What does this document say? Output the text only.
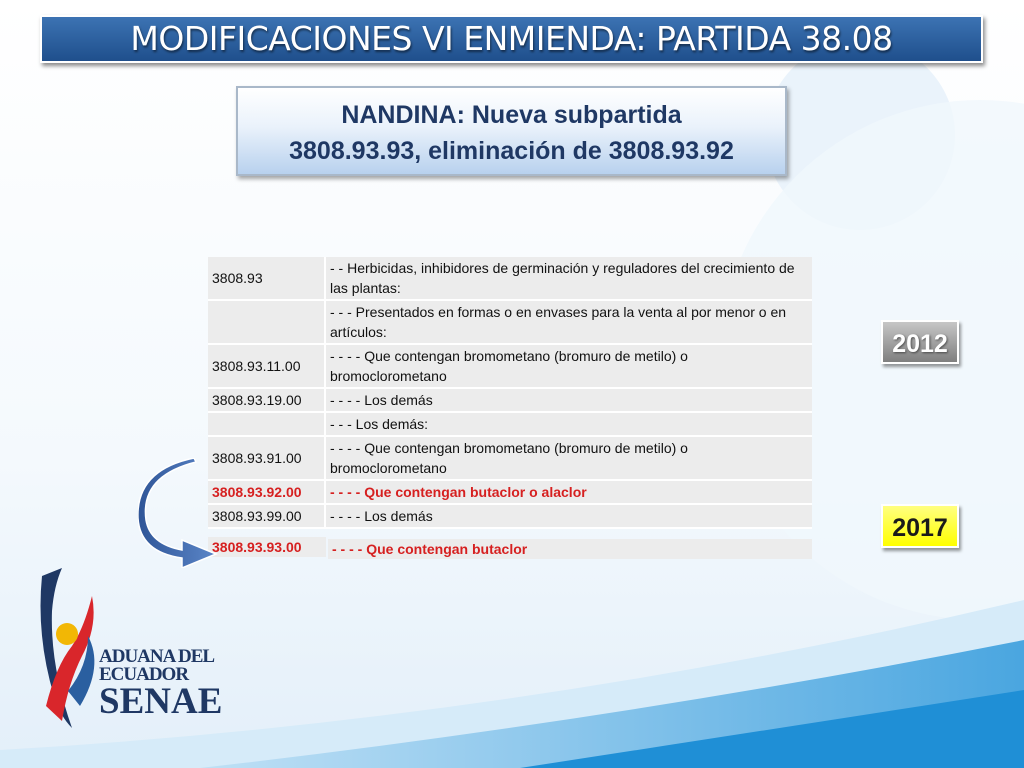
MODIFICACIONES VI ENMIENDA: PARTIDA 38.08
NANDINA: Nueva subpartida
3808.93.93, eliminación de 3808.93.92
3808.93	- - Herbicidas, inhibidores de germinación y reguladores del crecimiento de las plantas:
	- - - Presentados en formas o en envases para la venta al por menor o en artículos:
3808.93.11.00	- - - - Que contengan bromometano (bromuro de metilo) o bromoclorometano
3808.93.19.00	- - - - Los demás
	- - - Los demás:
3808.93.91.00	- - - - Que contengan bromometano (bromuro de metilo) o bromoclorometano
3808.93.92.00	- - - - Que contengan butaclor o alaclor
3808.93.99.00	- - - - Los demás
3808.93.93.00	- - - - Que contengan butaclor
2012
2017
ADUANA DEL
ECUADOR
SENAE
